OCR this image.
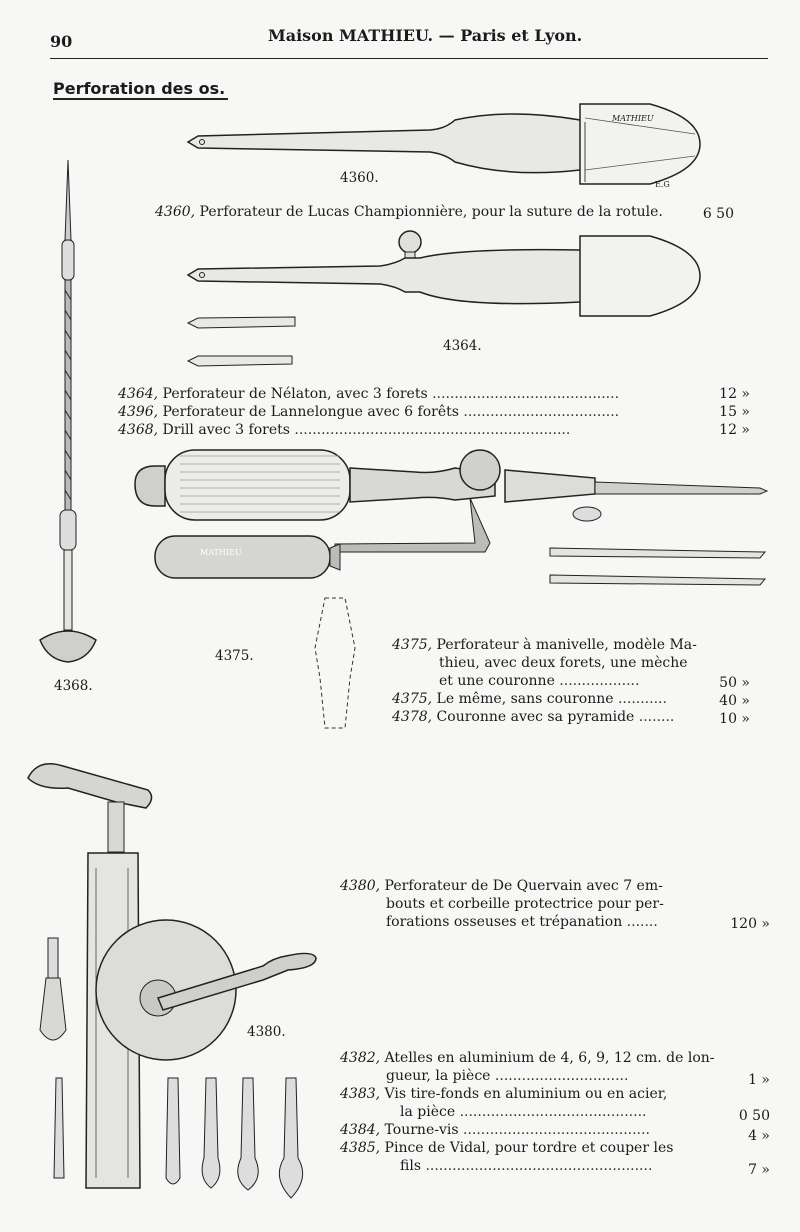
90	Maison MATHIEU. — Paris et Lyon.
Perforation des os.
MATHIEU
4360.	E.G
4360, Perforateur de Lucas Championnière, pour la suture de la rotule.	6 50
4364.
4364, Perforateur de Nélaton, avec 3 forets ..........................................	12 »
4396, Perforateur de Lannelongue avec 6 forêts ...................................	15 »
4368, Drill avec 3 forets ..............................................................	12 »
4368.
MATHIEU
4375.
4375, Perforateur à manivelle, modèle Ma-
thieu, avec deux forets, une mèche
et une couronne ..................	50 »
4375, Le même, sans couronne ...........	40 »
4378, Couronne avec sa pyramide ........	10 »
4380.
4380, Perforateur de De Quervain avec 7 em-
bouts et corbeille protectrice pour per-
forations osseuses et trépanation .......	120 »
4382, Atelles en aluminium de 4, 6, 9, 12 cm. de lon-
gueur, la pièce ..............................	1 »
4383, Vis tire-fonds en aluminium ou en acier,
la pièce ..........................................	0 50
4384, Tourne-vis ..........................................	4 »
4385, Pince de Vidal, pour tordre et couper les
fils ...................................................	7 »
